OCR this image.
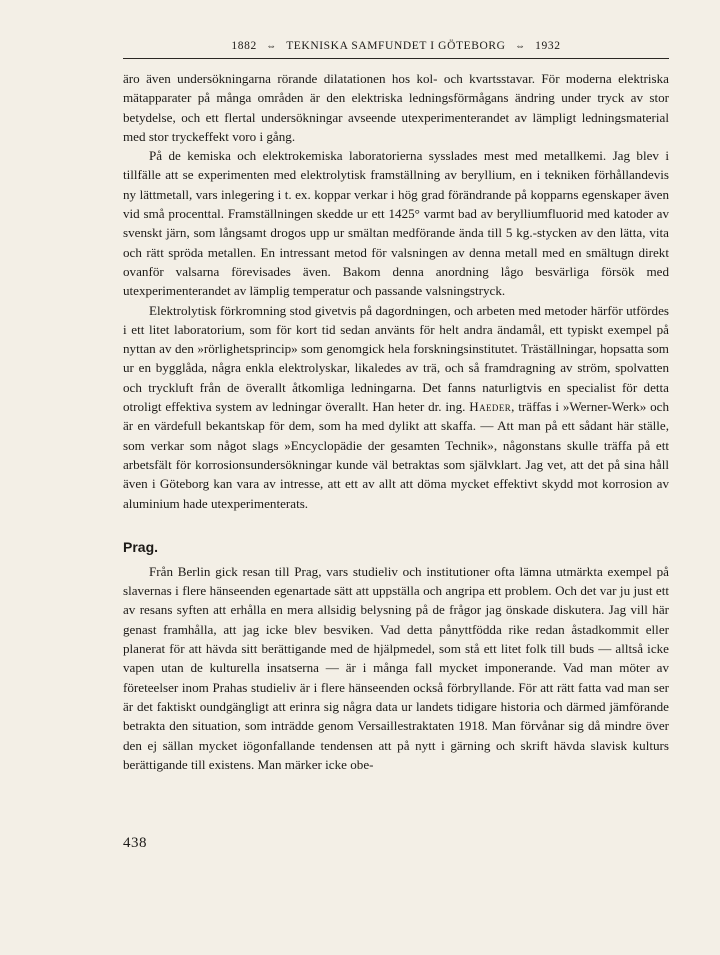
1882 ⇔ TEKNISKA SAMFUNDET I GÖTEBORG ⇔ 1932

äro även undersökningarna rörande dilatationen hos kol- och kvartsstavar. För moderna elektriska mätapparater på många områden är den elektriska ledningsförmågans ändring under tryck av stor betydelse, och ett flertal undersökningar avseende utexperimenterandet av lämpligt ledningsmaterial med stor tryckeffekt voro i gång.

På de kemiska och elektrokemiska laboratorierna sysslades mest med metallkemi. Jag blev i tillfälle att se experimenten med elektrolytisk framställning av beryllium, en i tekniken förhållandevis ny lättmetall, vars inlegering i t. ex. koppar verkar i hög grad förändrande på kopparns egenskaper även vid små procenttal. Framställningen skedde ur ett 1425° varmt bad av berylliumfluorid med katoder av svenskt järn, som långsamt drogos upp ur smältan medförande ända till 5 kg.-stycken av den lätta, vita och rätt spröda metallen. En intressant metod för valsningen av denna metall med en smältugn direkt ovanför valsarna förevisades även. Bakom denna anordning lågo besvärliga försök med utexperimenterandet av lämplig temperatur och passande valsningstryck.

Elektrolytisk förkromning stod givetvis på dagordningen, och arbeten med metoder härför utfördes i ett litet laboratorium, som för kort tid sedan använts för helt andra ändamål, ett typiskt exempel på nyttan av den »rörlighetsprincip» som genomgick hela forskningsinstitutet. Träställningar, hopsatta som ur en bygglåda, några enkla elektrolyskar, likaledes av trä, och så framdragning av ström, spolvatten och tryckluft från de överallt åtkomliga ledningarna. Det fanns naturligtvis en specialist för detta otroligt effektiva system av ledningar överallt. Han heter dr. ing. Haeder, träffas i »Werner-Werk» och är en värdefull bekantskap för dem, som ha med dylikt att skaffa. — Att man på ett sådant här ställe, som verkar som något slags »Encyclopädie der gesamten Technik», någonstans skulle träffa på ett arbetsfält för korrosionsundersökningar kunde väl betraktas som självklart. Jag vet, att det på sina håll även i Göteborg kan vara av intresse, att ett av allt att döma mycket effektivt skydd mot korrosion av aluminium hade utexperimenterats.

Prag.

Från Berlin gick resan till Prag, vars studieliv och institutioner ofta lämna utmärkta exempel på slavernas i flere hänseenden egenartade sätt att uppställa och angripa ett problem. Och det var ju just ett av resans syften att erhålla en mera allsidig belysning på de frågor jag önskade diskutera. Jag vill här genast framhålla, att jag icke blev besviken. Vad detta pånyttfödda rike redan åstadkommit eller planerat för att hävda sitt berättigande med de hjälpmedel, som stå ett litet folk till buds — alltså icke vapen utan de kulturella insatserna — är i många fall mycket imponerande. Vad man möter av företeelser inom Prahas studieliv är i flere hänseenden också förbryllande. För att rätt fatta vad man ser är det faktiskt oundgängligt att erinra sig några data ur landets tidigare historia och därmed jämförande betrakta den situation, som inträdde genom Versaillestraktaten 1918. Man förvånar sig då mindre över den ej sällan mycket iögonfallande tendensen att på nytt i gärning och skrift hävda slavisk kulturs berättigande till existens. Man märker icke obe-

438
